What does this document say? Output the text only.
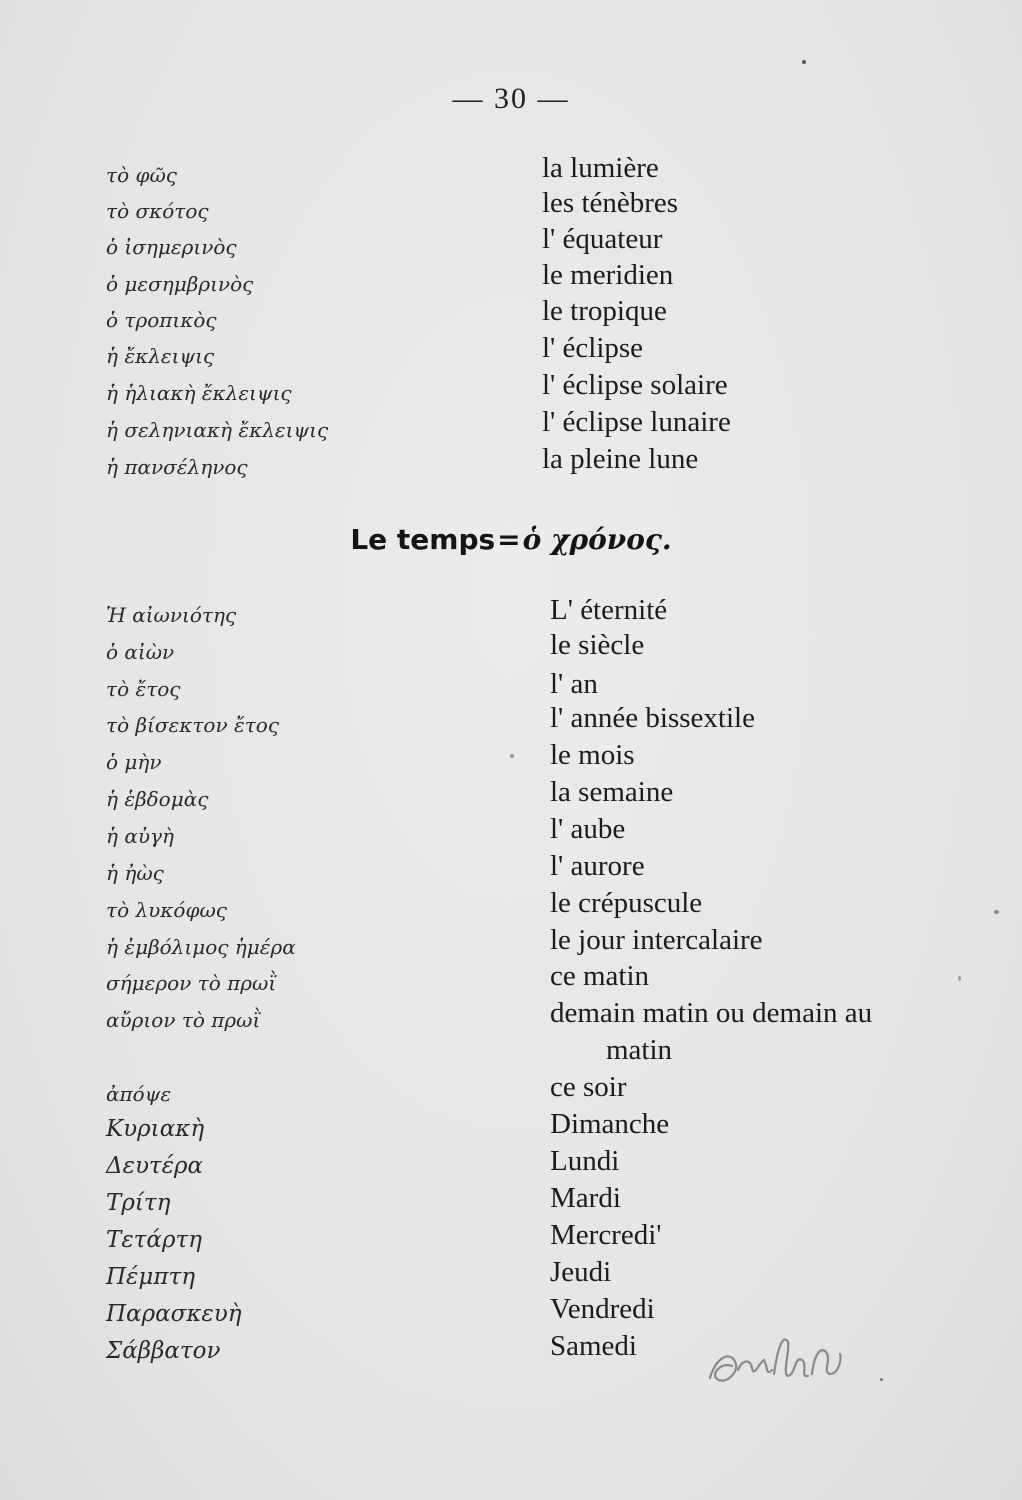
— 30 —
τὸ φῶς	la lumière
τὸ σκότος	les ténèbres
ὁ ἰσημερινὸς	l' équateur
ὁ μεσημβρινὸς	le meridien
ὁ τροπικὸς	le tropique
ἡ ἔκλειψις	l' éclipse
ἡ ἡλιακὴ ἔκλειψις	l' éclipse solaire
ἡ σεληνιακὴ ἔκλειψις	l' éclipse lunaire
ἡ πανσέληνος	la pleine lune
Le temps=ὁ χρόνος.
Ἡ αἰωνιότης	L' éternité
ὁ αἰὼν	le siècle
τὸ ἔτος	l' an
τὸ βίσεκτον ἔτος	l' année bissextile
ὁ μὴν	le mois
ἡ ἑβδομὰς	la semaine
ἡ αὐγὴ	l' aube
ἡ ἠὼς	l' aurore
τὸ λυκόφως	le crépuscule
ἡ ἐμβόλιμος ἡμέρα	le jour intercalaire
σήμερον τὸ πρωῒ	ce matin
αὔριον τὸ πρωῒ	demain matin ou demain au
matin
ἀπόψε	ce soir
Κυριακὴ	Dimanche
Δευτέρα	Lundi
Τρίτη	Mardi
Τετάρτη	Mercredi'
Πέμπτη	Jeudi
Παρασκευὴ	Vendredi
Σάββατον	Samedi
